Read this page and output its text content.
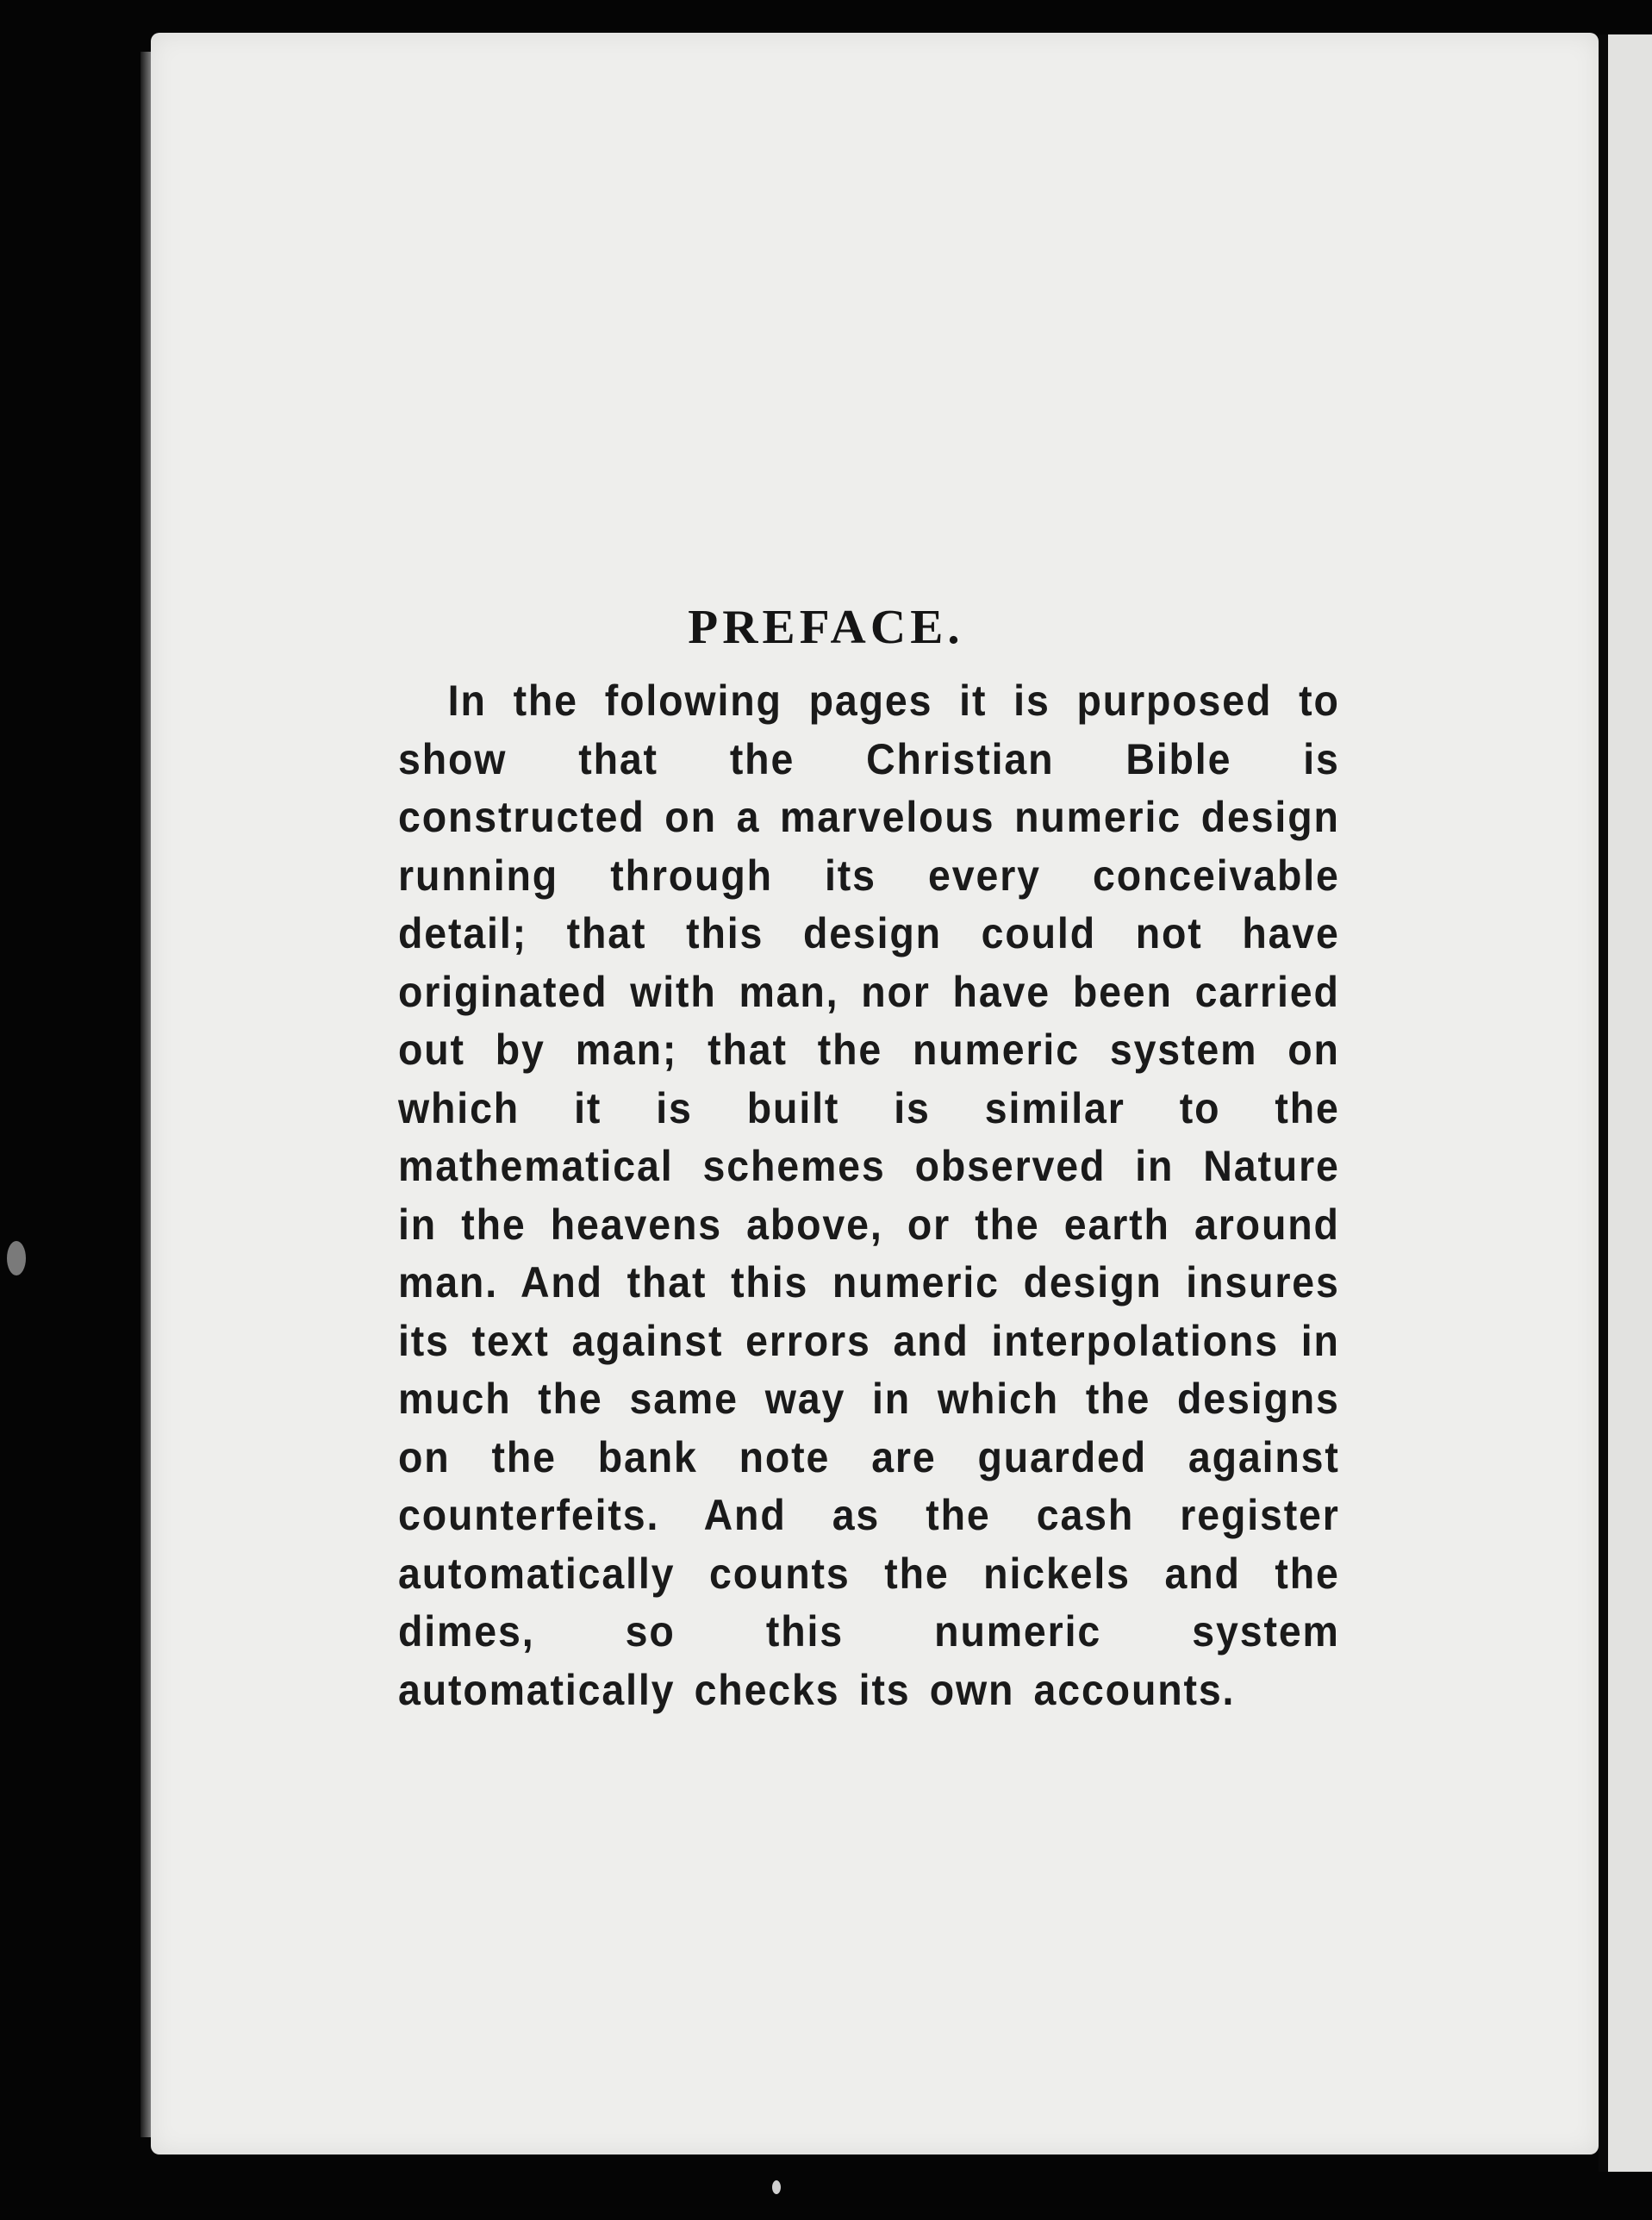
PREFACE.

In the folowing pages it is purposed to show that the Christian Bible is constructed on a marvelous numeric design running through its every conceivable detail; that this design could not have originated with man, nor have been carried out by man; that the numeric system on which it is built is similar to the mathematical schemes observed in Nature in the heavens above, or the earth around man. And that this numeric design insures its text against errors and interpolations in much the same way in which the designs on the bank note are guarded against counterfeits. And as the cash register automatically counts the nickels and the dimes, so this numeric system automatically checks its own accounts.
